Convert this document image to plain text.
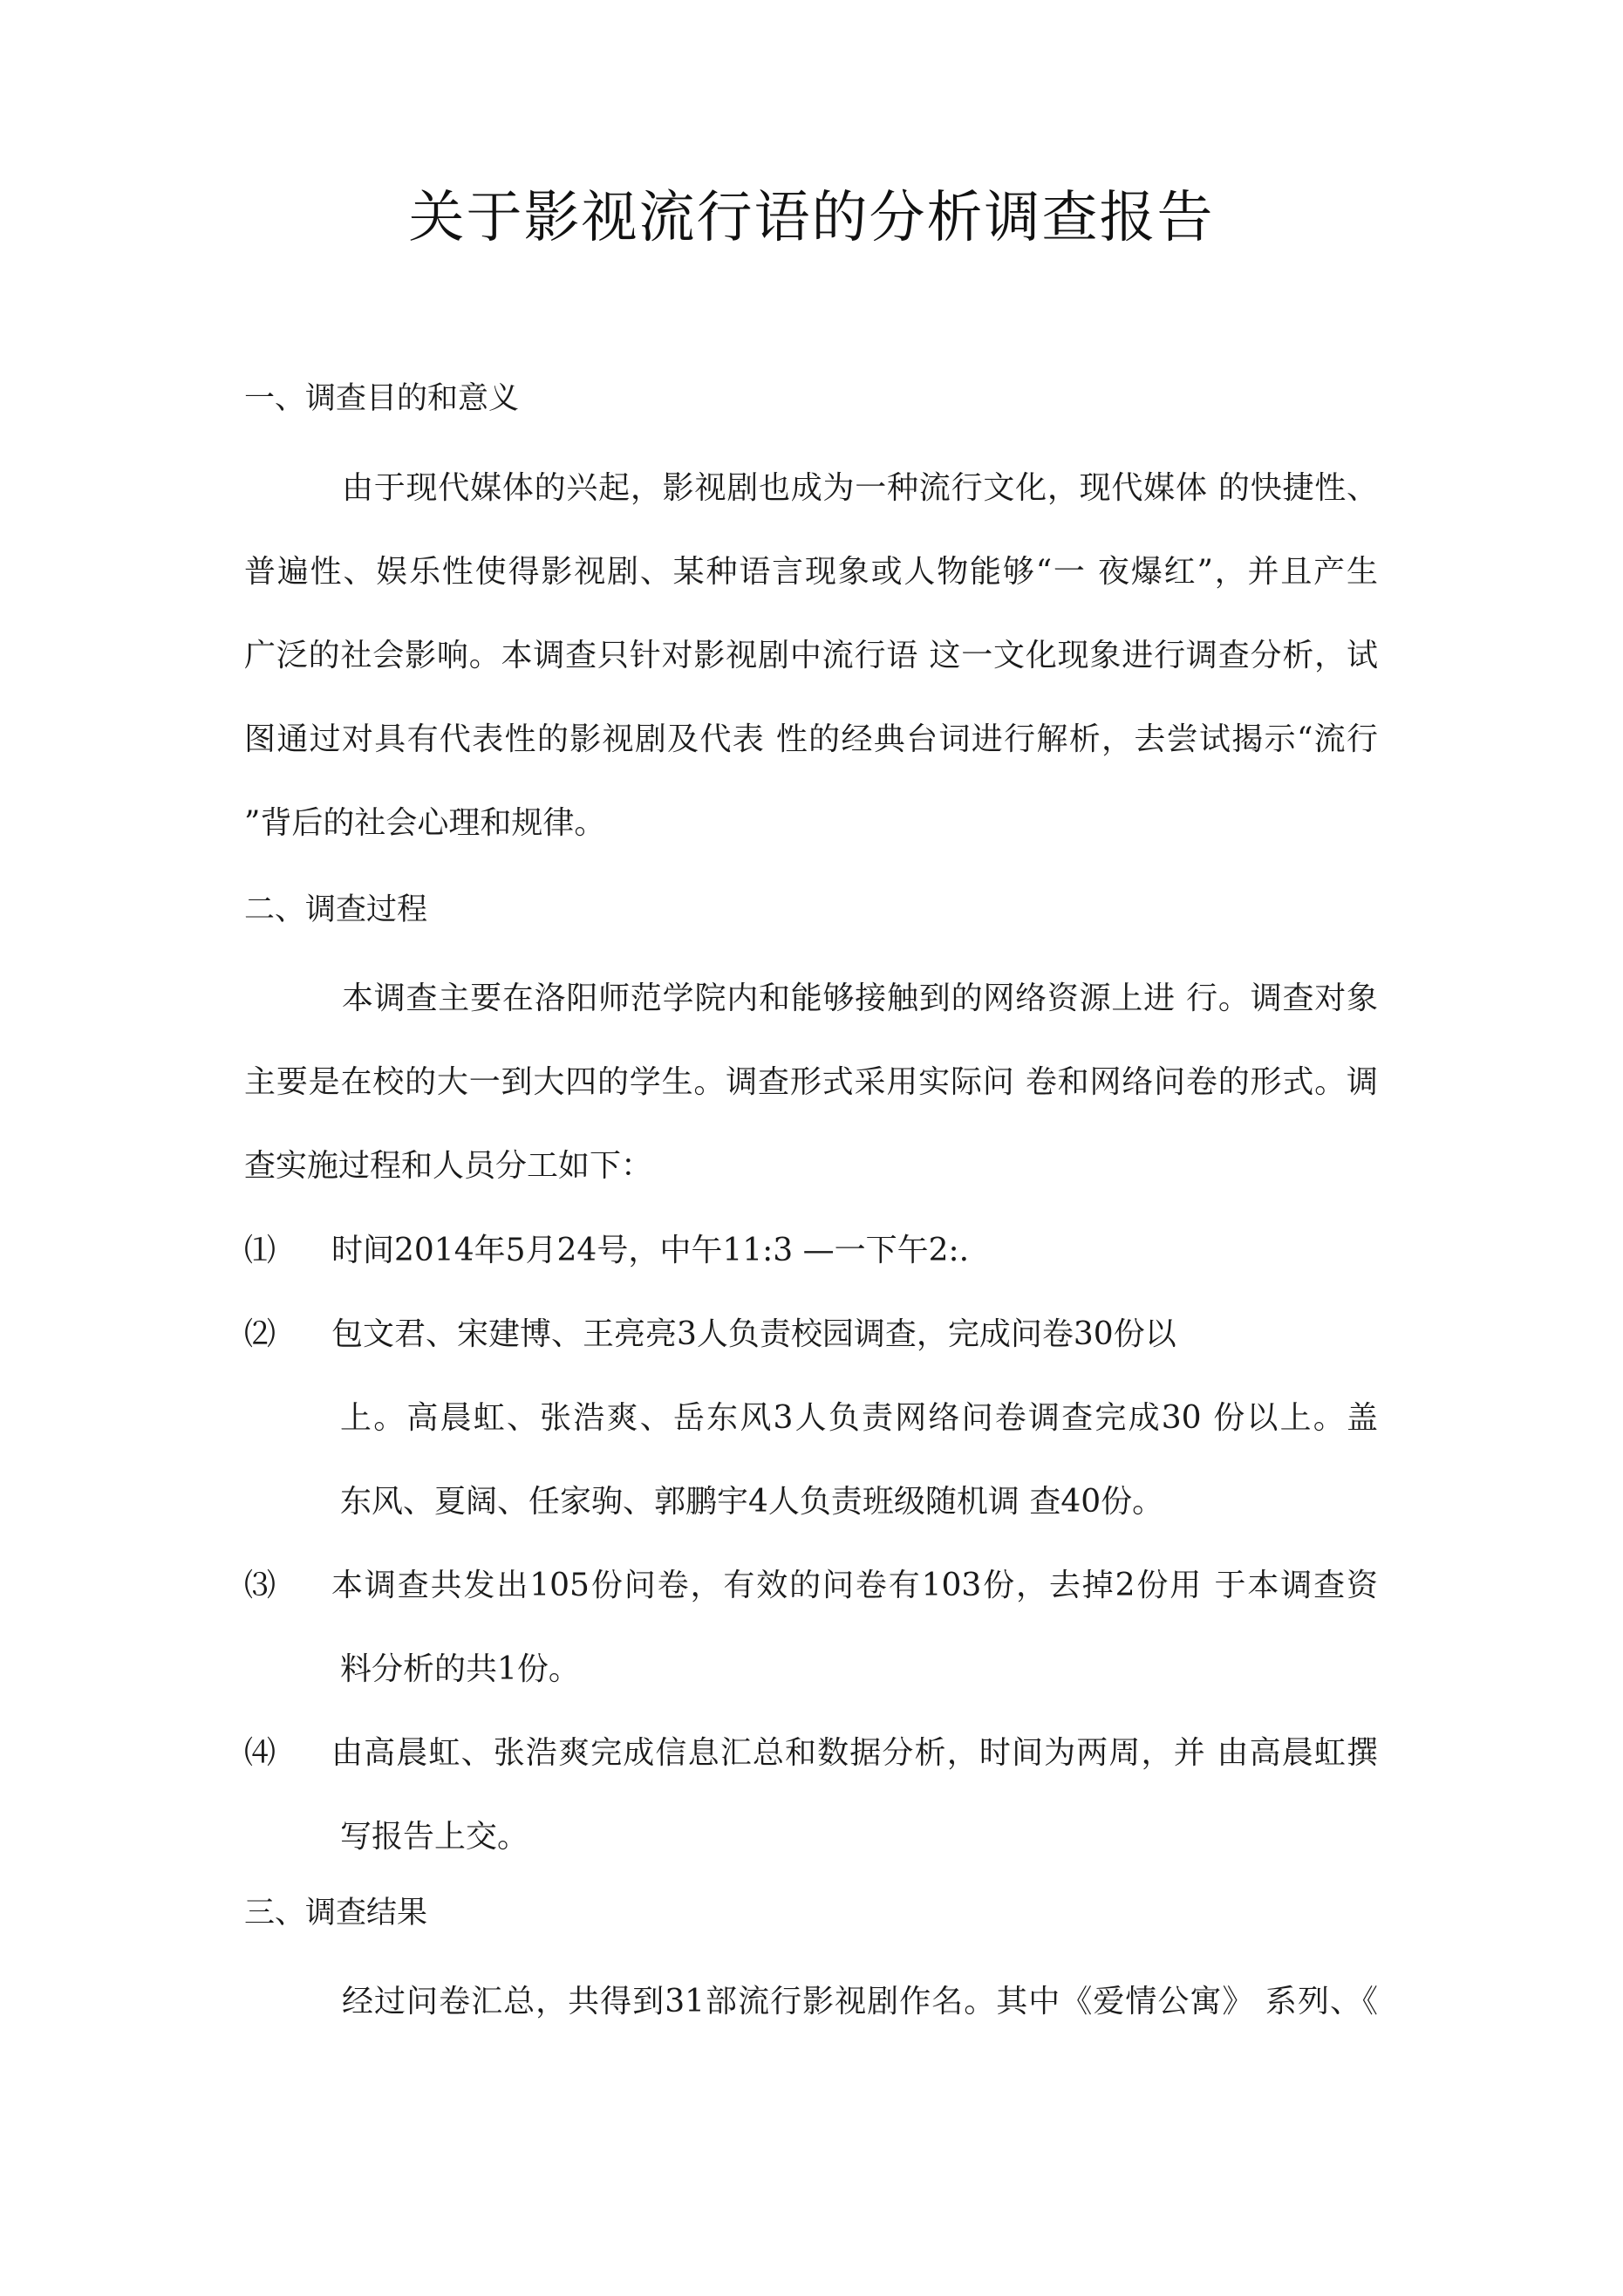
关于影视流行语的分析调查报告
一、调查目的和意义
由于现代媒体的兴起，影视剧也成为一种流行文化，现代媒体 的快捷性、
普遍性、娱乐性使得影视剧、某种语言现象或人物能够“一 夜爆红”，并且产生
广泛的社会影响。本调查只针对影视剧中流行语 这一文化现象进行调查分析，试
图通过对具有代表性的影视剧及代表 性的经典台词进行解析，去尝试揭示“流行
”背后的社会心理和规律。
二、调查过程
本调查主要在洛阳师范学院内和能够接触到的网络资源上进 行。调查对象
主要是在校的大一到大四的学生。调查形式采用实际问 卷和网络问卷的形式。调
查实施过程和人员分工如下：
⑴ 时间2014年5月24号，中午11:3 —一下午2:.
⑵ 包文君、宋建博、王亮亮3人负责校园调查，完成问卷30份以
上。高晨虹、张浩爽、岳东风3人负责网络问卷调查完成30 份以上。盖
东风、夏阔、任家驹、郭鹏宇4人负责班级随机调 查40份。
⑶ 本调查共发出105份问卷，有效的问卷有103份，去掉2份用 于本调查资
料分析的共1份。
⑷ 由高晨虹、张浩爽完成信息汇总和数据分析，时间为两周，并 由高晨虹撰
写报告上交。
三、调查结果
经过问卷汇总，共得到31部流行影视剧作名。其中《爱情公寓》 系列、《
